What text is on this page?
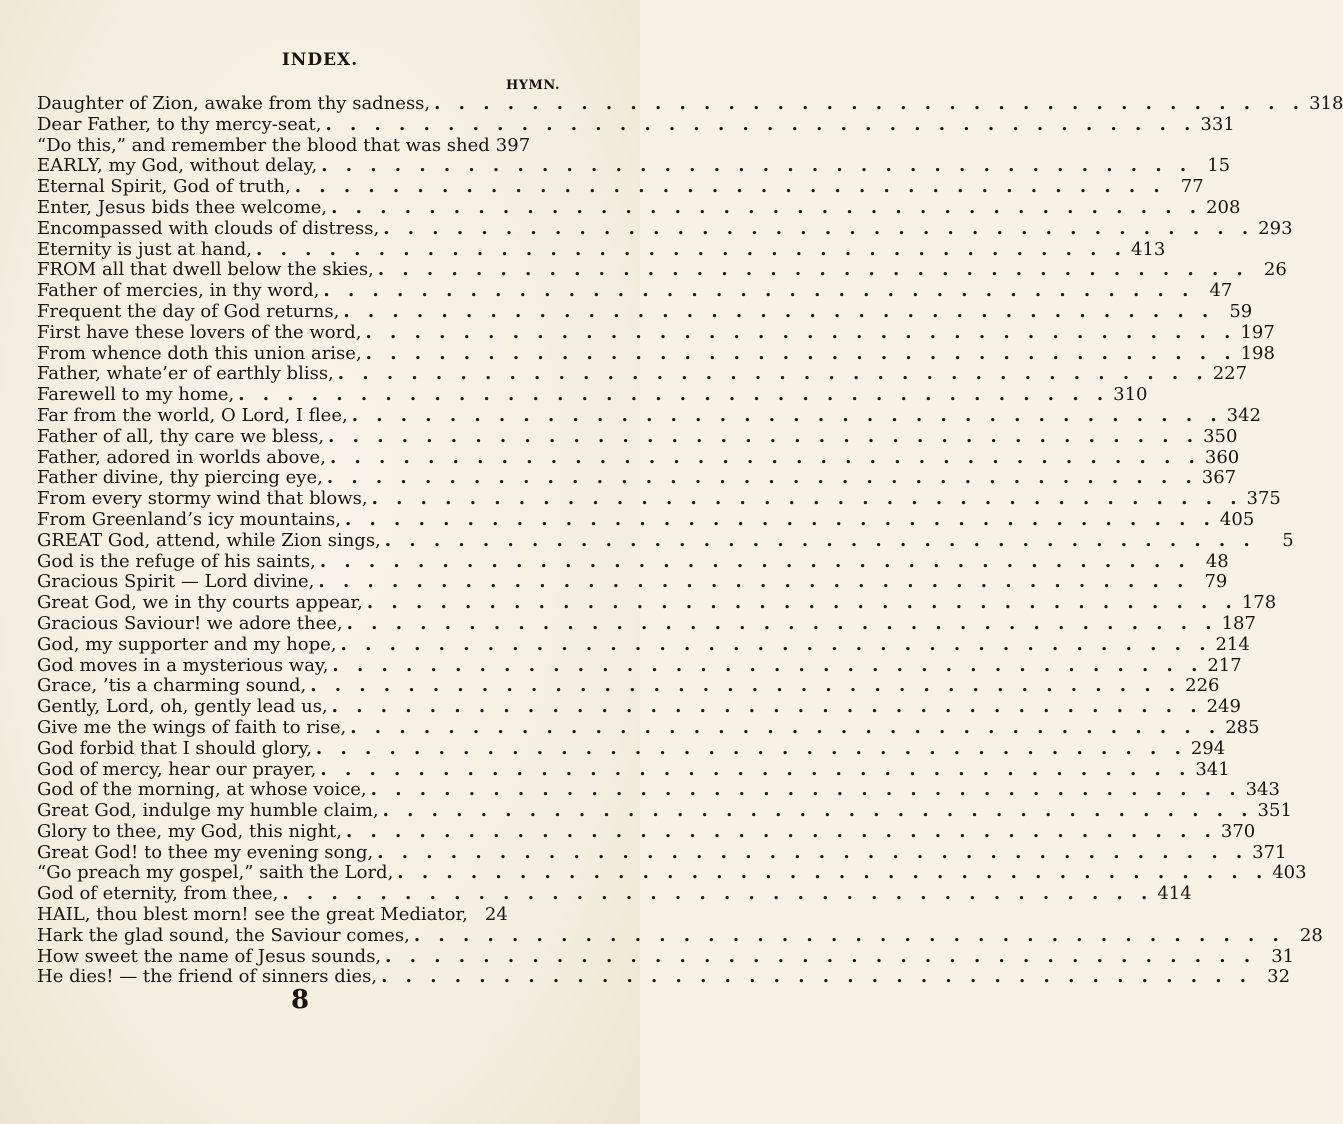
INDEX.
HYMN.
Daughter of Zion, awake from thy sadness, . . .	318
Dear Father, to thy mercy-seat, . . .	331
“Do this,” and remember the blood that was shed 397
EARLY, my God, without delay, . . .	15
Eternal Spirit, God of truth, . . .	77
Enter, Jesus bids thee welcome, . . .	208
Encompassed with clouds of distress, . . .	293
Eternity is just at hand, . . .	413
FROM all that dwell below the skies, . . .	26
Father of mercies, in thy word, . . .	47
Frequent the day of God returns, . . .	59
First have these lovers of the word, . . .	197
From whence doth this union arise, . . .	198
Father, whate’er of earthly bliss, . . .	227
Farewell to my home, . . .	310
Far from the world, O Lord, I flee, . . .	342
Father of all, thy care we bless, . . .	350
Father, adored in worlds above, . . .	360
Father divine, thy piercing eye, . . .	367
From every stormy wind that blows, . . .	375
From Greenland’s icy mountains, . . .	405
GREAT God, attend, while Zion sings, . . .	5
God is the refuge of his saints, . . .	48
Gracious Spirit — Lord divine, . . .	79
Great God, we in thy courts appear, . . .	178
Gracious Saviour! we adore thee, . . .	187
God, my supporter and my hope, . . .	214
God moves in a mysterious way, . . .	217
Grace, ’tis a charming sound, . . .	226
Gently, Lord, oh, gently lead us, . . .	249
Give me the wings of faith to rise, . . .	285
God forbid that I should glory, . . .	294
God of mercy, hear our prayer, . . .	341
God of the morning, at whose voice, . . .	343
Great God, indulge my humble claim, . . .	351
Glory to thee, my God, this night, . . .	370
Great God! to thee my evening song, . . .	371
“Go preach my gospel,” saith the Lord, . . .	403
God of eternity, from thee, . . .	414
HAIL, thou blest morn! see the great Mediator, 24
Hark the glad sound, the Saviour comes, . . .	28
How sweet the name of Jesus sounds, . . .	31
He dies! — the friend of sinners dies, . . .	32
8
